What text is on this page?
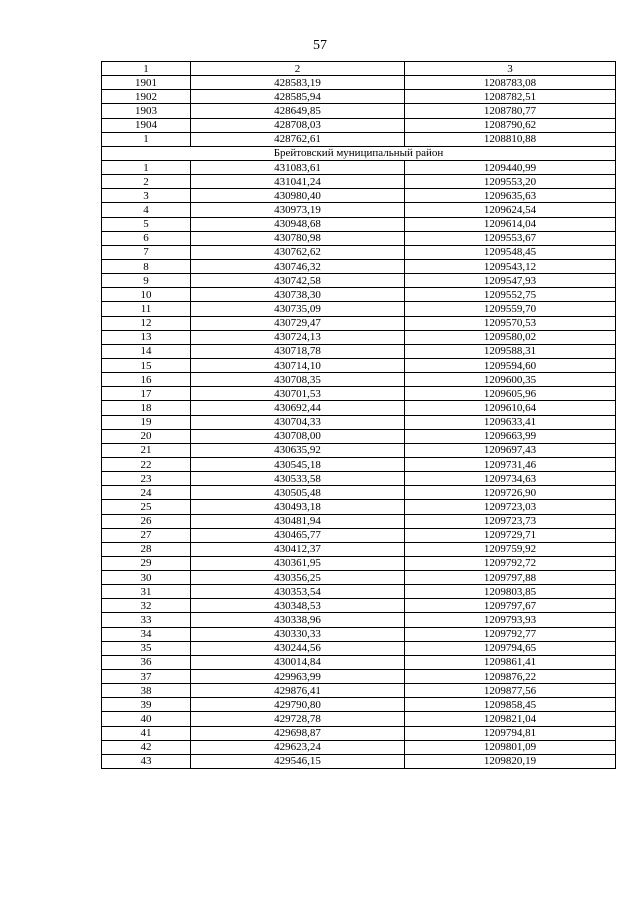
57
1	2	3
1901	428583,19	1208783,08
1902	428585,94	1208782,51
1903	428649,85	1208780,77
1904	428708,03	1208790,62
1	428762,61	1208810,88
Брейтовский муниципальный район		
1	431083,61	1209440,99
2	431041,24	1209553,20
3	430980,40	1209635,63
4	430973,19	1209624,54
5	430948,68	1209614,04
6	430780,98	1209553,67
7	430762,62	1209548,45
8	430746,32	1209543,12
9	430742,58	1209547,93
10	430738,30	1209552,75
11	430735,09	1209559,70
12	430729,47	1209570,53
13	430724,13	1209580,02
14	430718,78	1209588,31
15	430714,10	1209594,60
16	430708,35	1209600,35
17	430701,53	1209605,96
18	430692,44	1209610,64
19	430704,33	1209633,41
20	430708,00	1209663,99
21	430635,92	1209697,43
22	430545,18	1209731,46
23	430533,58	1209734,63
24	430505,48	1209726,90
25	430493,18	1209723,03
26	430481,94	1209723,73
27	430465,77	1209729,71
28	430412,37	1209759,92
29	430361,95	1209792,72
30	430356,25	1209797,88
31	430353,54	1209803,85
32	430348,53	1209797,67
33	430338,96	1209793,93
34	430330,33	1209792,77
35	430244,56	1209794,65
36	430014,84	1209861,41
37	429963,99	1209876,22
38	429876,41	1209877,56
39	429790,80	1209858,45
40	429728,78	1209821,04
41	429698,87	1209794,81
42	429623,24	1209801,09
43	429546,15	1209820,19
